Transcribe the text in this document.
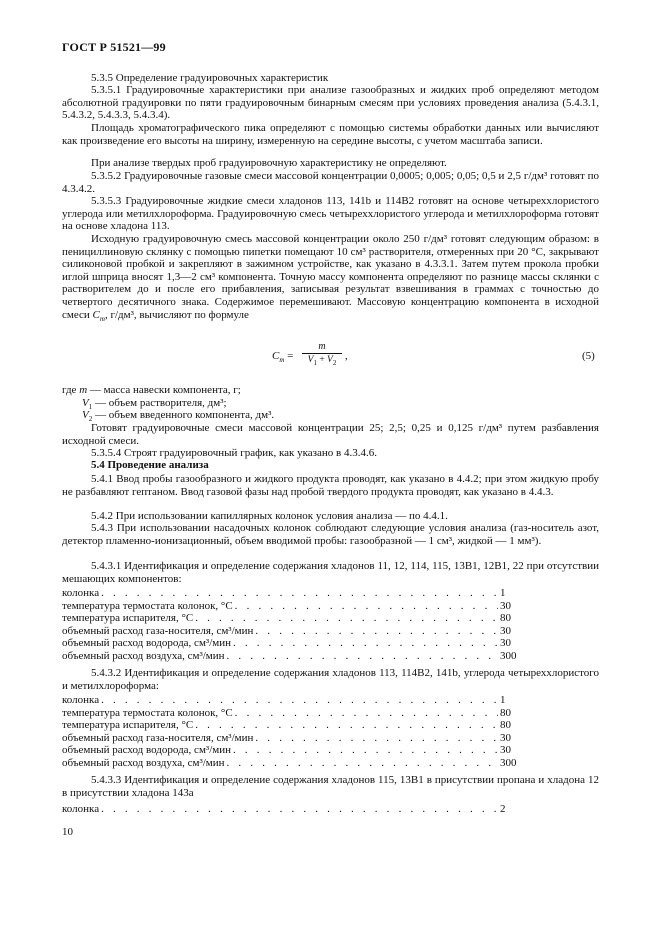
ГОСТ Р 51521—99

5.3.5 Определение градуировочных характеристик

5.3.5.1 Градуировочные характеристики при анализе газообразных и жидких проб определяют методом абсолютной градуировки по пяти градуировочным бинарным смесям при условиях проведения анализа (5.4.3.1, 5.4.3.2, 5.4.3.3, 5.4.3.4).

Площадь хроматографического пика определяют с помощью системы обработки данных или вычисляют как произведение его высоты на ширину, измеренную на середине высоты, с учетом масштаба записи.

При анализе твердых проб градуировочную характеристику не определяют.

5.3.5.2 Градуировочные газовые смеси массовой концентрации 0,0005; 0,005; 0,05; 0,5 и 2,5 г/дм³ готовят по 4.3.4.2.

5.3.5.3 Градуировочные жидкие смеси хладонов 113, 141b и 114В2 готовят на основе четыреххлористого углерода или метилхлороформа. Градуировочную смесь четыреххлористого углерода и метилхлороформа готовят на основе хладона 113.

Исходную градуировочную смесь массовой концентрации около 250 г/дм³ готовят следующим образом: в пенициллиновую склянку с помощью пипетки помещают 10 см³ растворителя, отмеренных при 20 °С, закрывают силиконовой пробкой и закрепляют в зажимном устройстве, как указано в 4.3.3.1. Затем путем прокола пробки иглой шприца вносят 1,3—2 см³ компонента. Точную массу компонента определяют по разнице массы склянки с растворителем до и после его прибавления, записывая результат взвешивания в граммах с точностью до четвертого десятичного знака. Содержимое перемешивают. Массовую концентрацию компонента в исходной смеси $C_m$, г/дм³, вычисляют по формуле

$C_m = \frac{m}{V_1 + V_2}$ ,	(5)
где m — масса навески компонента, г;
$V_1$ — объем растворителя, дм³;
$V_2$ — объем введенного компонента, дм³.

Готовят градуировочные смеси массовой концентрации 25; 2,5; 0,25 и 0,125 г/дм³ путем разбавления исходной смеси.

5.3.5.4 Строят градуировочный график, как указано в 4.3.4.6.

5.4 Проведение анализа

5.4.1 Ввод пробы газообразного и жидкого продукта проводят, как указано в 4.4.2; при этом жидкую пробу не разбавляют гептаном. Ввод газовой фазы над пробой твердого продукта проводят, как указано в 4.4.3.

5.4.2 При использовании капиллярных колонок условия анализа — по 4.4.1.

5.4.3 При использовании насадочных колонок соблюдают следующие условия анализа (газ-носитель азот, детектор пламенно-ионизационный, объем вводимой пробы: газообразной — 1 см³, жидкой — 1 мм³).

5.4.3.1 Идентификация и определение содержания хладонов 11, 12, 114, 115, 13В1, 12В1, 22 при отсутствии мешающих компонентов:

колонка . . .	1
температура термостата колонок, °С . . .	30
температура испарителя, °С . . .	80
объемный расход газа-носителя, см³/мин . . .	30
объемный расход водорода, см³/мин . . .	30
объемный расход воздуха, см³/мин . . .	300

5.4.3.2 Идентификация и определение содержания хладонов 113, 114В2, 141b, углерода четыреххлористого и метилхлороформа:

колонка . . .	1
температура термостата колонок, °С . . .	80
температура испарителя, °С . . .	80
объемный расход газа-носителя, см³/мин . . .	30
объемный расход водорода, см³/мин . . .	30
объемный расход воздуха, см³/мин . . .	300

5.4.3.3 Идентификация и определение содержания хладонов 115, 13В1 в присутствии пропана и хладона 12 в присутствии хладона 143а

колонка . . .	2
10
